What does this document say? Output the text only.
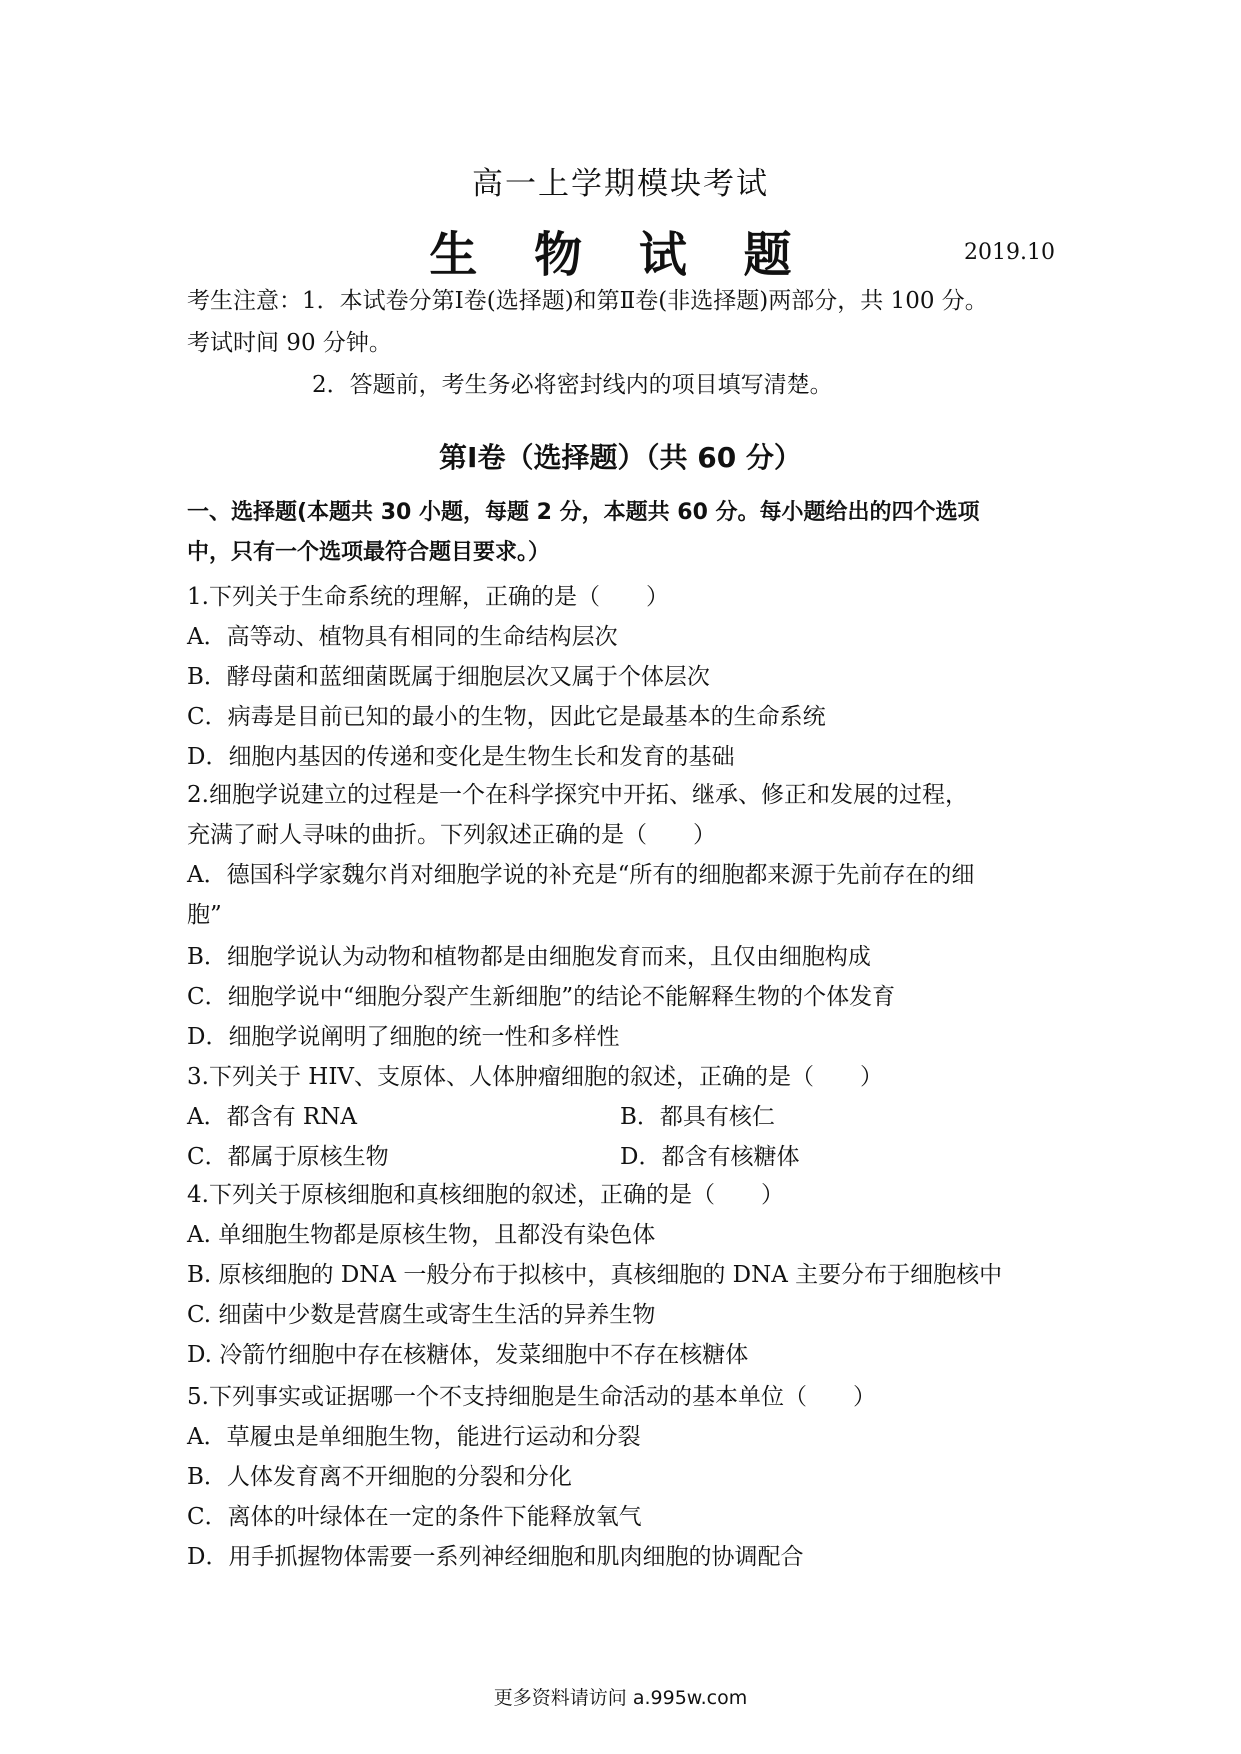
高一上学期模块考试
生 物 试 题	2019.10
考生注意：1．本试卷分第Ⅰ卷(选择题)和第Ⅱ卷(非选择题)两部分，共 100 分。
考试时间 90 分钟。
2．答题前，考生务必将密封线内的项目填写清楚。
第Ⅰ卷（选择题）（共 60 分）
一、选择题(本题共 30 小题，每题 2 分，本题共 60 分。每小题给出的四个选项
中，只有一个选项最符合题目要求。）
1.下列关于生命系统的理解，正确的是（　　）
A．高等动、植物具有相同的生命结构层次
B．酵母菌和蓝细菌既属于细胞层次又属于个体层次
C．病毒是目前已知的最小的生物，因此它是最基本的生命系统
D．细胞内基因的传递和变化是生物生长和发育的基础
2.细胞学说建立的过程是一个在科学探究中开拓、继承、修正和发展的过程，
充满了耐人寻味的曲折。下列叙述正确的是（　　）
A．德国科学家魏尔肖对细胞学说的补充是“所有的细胞都来源于先前存在的细
胞”
B．细胞学说认为动物和植物都是由细胞发育而来，且仅由细胞构成
C．细胞学说中“细胞分裂产生新细胞”的结论不能解释生物的个体发育
D．细胞学说阐明了细胞的统一性和多样性
3.下列关于 HIV、支原体、人体肿瘤细胞的叙述，正确的是（　　）
A．都含有 RNA	B．都具有核仁
C．都属于原核生物	D．都含有核糖体
4.下列关于原核细胞和真核细胞的叙述，正确的是（　　）
A. 单细胞生物都是原核生物，且都没有染色体
B. 原核细胞的 DNA 一般分布于拟核中，真核细胞的 DNA 主要分布于细胞核中
C. 细菌中少数是营腐生或寄生生活的异养生物
D. 冷箭竹细胞中存在核糖体，发菜细胞中不存在核糖体
5.下列事实或证据哪一个不支持细胞是生命活动的基本单位（　　）
A．草履虫是单细胞生物，能进行运动和分裂
B．人体发育离不开细胞的分裂和分化
C．离体的叶绿体在一定的条件下能释放氧气
D．用手抓握物体需要一系列神经细胞和肌肉细胞的协调配合
更多资料请访问 a.995w.com
